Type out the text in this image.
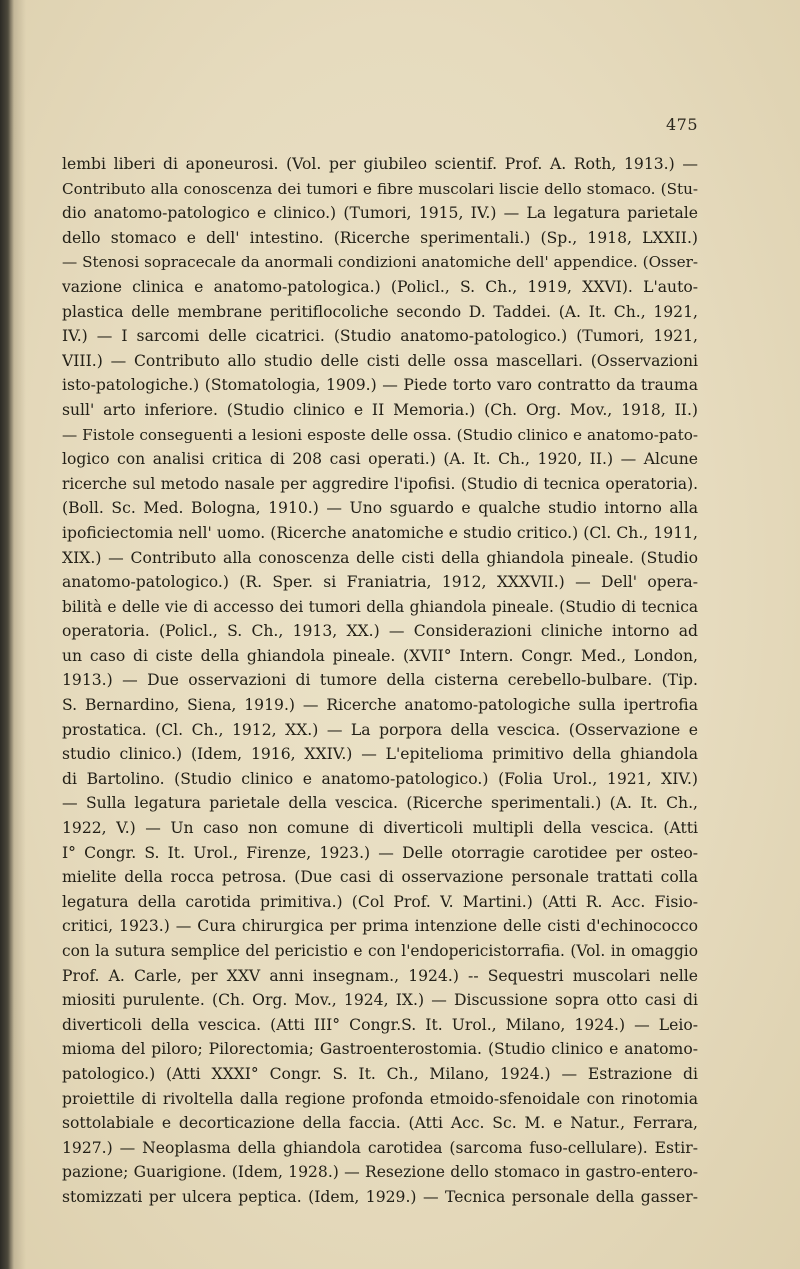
475
lembi liberi di aponeurosi. (Vol. per giubileo scientif. Prof. A. Roth, 1913.) —
Contributo alla conoscenza dei tumori e fibre muscolari liscie dello stomaco. (Stu-
dio anatomo-patologico e clinico.) (Tumori, 1915, IV.) — La legatura parietale
dello stomaco e dell' intestino. (Ricerche sperimentali.) (Sp., 1918, LXXII.)
— Stenosi sopracecale da anormali condizioni anatomiche dell' appendice. (Osser-
vazione clinica e anatomo-patologica.) (Policl., S. Ch., 1919, XXVI). L'auto-
plastica delle membrane peritiflocoliche secondo D. Taddei. (A. It. Ch., 1921,
IV.) — I sarcomi delle cicatrici. (Studio anatomo-patologico.) (Tumori, 1921,
VIII.) — Contributo allo studio delle cisti delle ossa mascellari. (Osservazioni
isto-patologiche.) (Stomatologia, 1909.) — Piede torto varo contratto da trauma
sull' arto inferiore. (Studio clinico e II Memoria.) (Ch. Org. Mov., 1918, II.)
— Fistole conseguenti a lesioni esposte delle ossa. (Studio clinico e anatomo-pato-
logico con analisi critica di 208 casi operati.) (A. It. Ch., 1920, II.) — Alcune
ricerche sul metodo nasale per aggredire l'ipofisi. (Studio di tecnica operatoria).
(Boll. Sc. Med. Bologna, 1910.) — Uno sguardo e qualche studio intorno alla
ipoficiectomia nell' uomo. (Ricerche anatomiche e studio critico.) (Cl. Ch., 1911,
XIX.) — Contributo alla conoscenza delle cisti della ghiandola pineale. (Studio
anatomo-patologico.) (R. Sper. si Franiatria, 1912, XXXVII.) — Dell' opera-
bilità e delle vie di accesso dei tumori della ghiandola pineale. (Studio di tecnica
operatoria. (Policl., S. Ch., 1913, XX.) — Considerazioni cliniche intorno ad
un caso di ciste della ghiandola pineale. (XVII° Intern. Congr. Med., London,
1913.) — Due osservazioni di tumore della cisterna cerebello-bulbare. (Tip.
S. Bernardino, Siena, 1919.) — Ricerche anatomo-patologiche sulla ipertrofia
prostatica. (Cl. Ch., 1912, XX.) — La porpora della vescica. (Osservazione e
studio clinico.) (Idem, 1916, XXIV.) — L'epitelioma primitivo della ghiandola
di Bartolino. (Studio clinico e anatomo-patologico.) (Folia Urol., 1921, XIV.)
— Sulla legatura parietale della vescica. (Ricerche sperimentali.) (A. It. Ch.,
1922, V.) — Un caso non comune di diverticoli multipli della vescica. (Atti
I° Congr. S. It. Urol., Firenze, 1923.) — Delle otorragie carotidee per osteo-
mielite della rocca petrosa. (Due casi di osservazione personale trattati colla
legatura della carotida primitiva.) (Col Prof. V. Martini.) (Atti R. Acc. Fisio-
critici, 1923.) — Cura chirurgica per prima intenzione delle cisti d'echinococco
con la sutura semplice del pericistio e con l'endopericistorrafia. (Vol. in omaggio
Prof. A. Carle, per XXV anni insegnam., 1924.) -- Sequestri muscolari nelle
miositi purulente. (Ch. Org. Mov., 1924, IX.) — Discussione sopra otto casi di
diverticoli della vescica. (Atti III° Congr.S. It. Urol., Milano, 1924.) — Leio-
mioma del piloro; Pilorectomia; Gastroenterostomia. (Studio clinico e anatomo-
patologico.) (Atti XXXI° Congr. S. It. Ch., Milano, 1924.) — Estrazione di
proiettile di rivoltella dalla regione profonda etmoido-sfenoidale con rinotomia
sottolabiale e decorticazione della faccia. (Atti Acc. Sc. M. e Natur., Ferrara,
1927.) — Neoplasma della ghiandola carotidea (sarcoma fuso-cellulare). Estir-
pazione; Guarigione. (Idem, 1928.) — Resezione dello stomaco in gastro-entero-
stomizzati per ulcera peptica. (Idem, 1929.) — Tecnica personale della gasser-
